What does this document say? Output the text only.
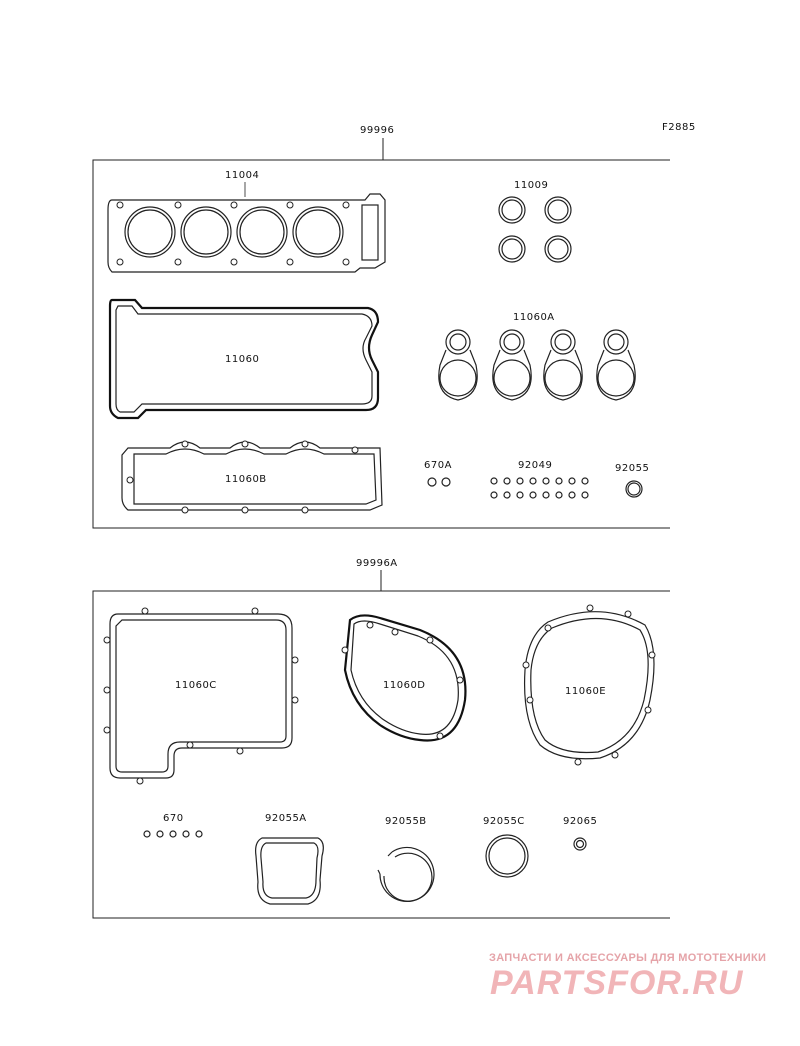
F2885
99996
11004
11009
11060
11060A
11060B
670A	92049	92055
99996A
11060C	11060D
11060E
670	92055A	92055B	92055C	92065
ЗАПЧАСТИ И АКСЕССУАРЫ ДЛЯ МОТОТЕХНИКИ
PARTSFOR.RU
